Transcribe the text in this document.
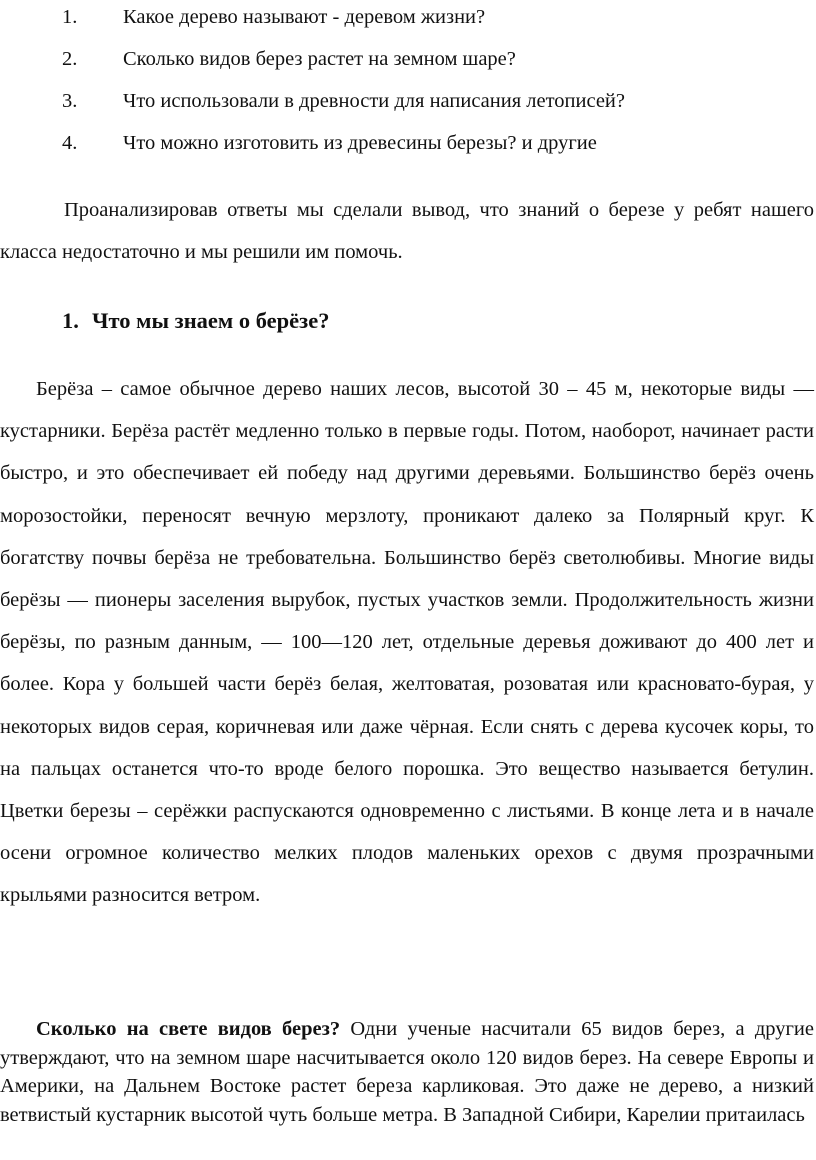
1. Какое дерево называют - деревом жизни?
2. Сколько видов берез растет на земном шаре?
3. Что использовали в древности для написания летописей?
4. Что можно изготовить из древесины березы? и другие

Проанализировав ответы мы сделали вывод, что знаний о березе у ребят нашего класса недостаточно и мы решили им помочь.

1. Что мы знаем о берёзе?

Берёза – самое обычное дерево наших лесов, высотой 30 – 45 м, некоторые виды — кустарники. Берёза растёт медленно только в первые годы. Потом, наоборот, начинает расти быстро, и это обеспечивает ей победу над другими деревьями. Большинство берёз очень морозостойки, переносят вечную мерзлоту, проникают далеко за Полярный круг. К богатству почвы берёза не требовательна. Большинство берёз светолюбивы. Многие виды берёзы — пионеры заселения вырубок, пустых участков земли. Продолжительность жизни берёзы, по разным данным, — 100—120 лет, отдельные деревья доживают до 400 лет и более. Кора у большей части берёз белая, желтоватая, розоватая или красновато-бурая, у некоторых видов серая, коричневая или даже чёрная. Если снять с дерева кусочек коры, то на пальцах останется что-то вроде белого порошка. Это вещество называется бетулин. Цветки березы – серёжки распускаются одновременно с листьями. В конце лета и в начале осени огромное количество мелких плодов маленьких орехов с двумя прозрачными крыльями разносится ветром.

Сколько на свете видов берез? Одни ученые насчитали 65 видов берез, а другие утверждают, что на земном шаре насчитывается около 120 видов берез. На севере Европы и Америки, на Дальнем Востоке растет береза карликовая. Это даже не дерево, а низкий ветвистый кустарник высотой чуть больше метра. В Западной Сибири, Карелии притаилась
